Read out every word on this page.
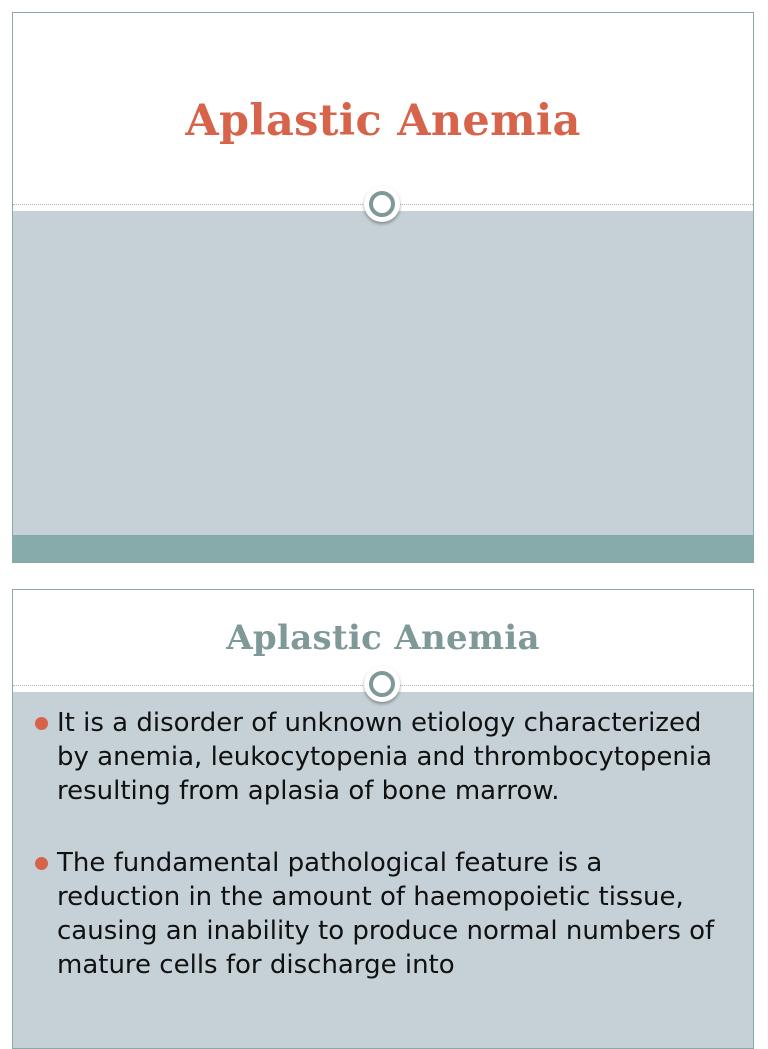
Aplastic Anemia
Aplastic Anemia
It is a disorder of unknown etiology characterized by anemia, leukocytopenia and thrombocytopenia resulting from aplasia of bone marrow.
The fundamental pathological feature is a reduction in the amount of haemopoietic tissue, causing an inability to produce normal numbers of mature cells for discharge into
